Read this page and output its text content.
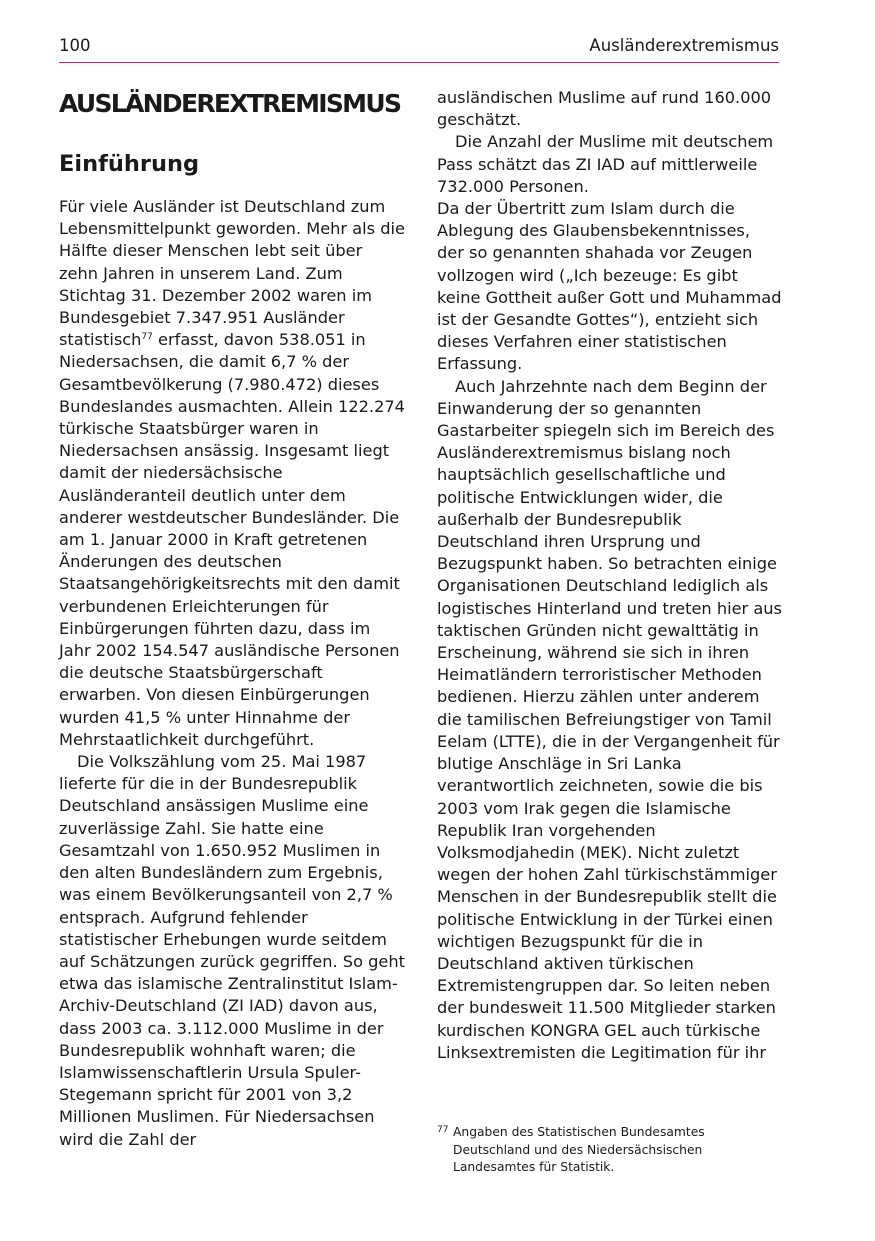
100	Ausländerextremismus
AUSLÄNDEREXTREMISMUS
Einführung

Für viele Ausländer ist Deutschland zum Lebensmittelpunkt geworden. Mehr als die Hälfte dieser Menschen lebt seit über zehn Jahren in unserem Land. Zum Stichtag 31. Dezember 2002 waren im Bundesgebiet 7.347.951 Ausländer statistisch$^{77}$ erfasst, davon 538.051 in Niedersachsen, die damit 6,7 % der Gesamtbevölkerung (7.980.472) dieses Bundeslandes ausmachten. Allein 122.274 türkische Staatsbürger waren in Niedersachsen ansässig. Insgesamt liegt damit der niedersächsische Ausländeranteil deutlich unter dem anderer westdeutscher Bundesländer. Die am 1. Januar 2000 in Kraft getretenen Änderungen des deutschen Staatsangehörigkeitsrechts mit den damit verbundenen Erleichterungen für Einbürgerungen führten dazu, dass im Jahr 2002 154.547 ausländische Personen die deutsche Staatsbürgerschaft erwarben. Von diesen Einbürgerungen wurden 41,5 % unter Hinnahme der Mehrstaatlichkeit durchgeführt.

Die Volkszählung vom 25. Mai 1987 lieferte für die in der Bundesrepublik Deutschland ansässigen Muslime eine zuverlässige Zahl. Sie hatte eine Gesamtzahl von 1.650.952 Muslimen in den alten Bundesländern zum Ergebnis, was einem Bevölkerungsanteil von 2,7 % entsprach. Aufgrund fehlender statistischer Erhebungen wurde seitdem auf Schätzungen zurück gegriffen. So geht etwa das islamische Zentralinstitut Islam-Archiv-Deutschland (ZI IAD) davon aus, dass 2003 ca. 3.112.000 Muslime in der Bundesrepublik wohnhaft waren; die Islamwissenschaftlerin Ursula Spuler-Stegemann spricht für 2001 von 3,2 Millionen Muslimen. Für Niedersachsen wird die Zahl der

ausländischen Muslime auf rund 160.000 geschätzt.

Die Anzahl der Muslime mit deutschem Pass schätzt das ZI IAD auf mittlerweile 732.000 Personen.

Da der Übertritt zum Islam durch die Ablegung des Glaubensbekenntnisses, der so genannten shahada vor Zeugen vollzogen wird („Ich bezeuge: Es gibt keine Gottheit außer Gott und Muhammad ist der Gesandte Gottes“), entzieht sich dieses Verfahren einer statistischen Erfassung.

Auch Jahrzehnte nach dem Beginn der Einwanderung der so genannten Gastarbeiter spiegeln sich im Bereich des Ausländerextremismus bislang noch hauptsächlich gesellschaftliche und politische Entwicklungen wider, die außerhalb der Bundesrepublik Deutschland ihren Ursprung und Bezugspunkt haben. So betrachten einige Organisationen Deutschland lediglich als logistisches Hinterland und treten hier aus taktischen Gründen nicht gewalttätig in Erscheinung, während sie sich in ihren Heimatländern terroristischer Methoden bedienen. Hierzu zählen unter anderem die tamilischen Befreiungstiger von Tamil Eelam (LTTE), die in der Vergangenheit für blutige Anschläge in Sri Lanka verantwortlich zeichneten, sowie die bis 2003 vom Irak gegen die Islamische Republik Iran vorgehenden Volksmodjahedin (MEK). Nicht zuletzt wegen der hohen Zahl türkischstämmiger Menschen in der Bundesrepublik stellt die politische Entwicklung in der Türkei einen wichtigen Bezugspunkt für die in Deutschland aktiven türkischen Extremistengruppen dar. So leiten neben der bundesweit 11.500 Mitglieder starken kurdischen KONGRA GEL auch türkische Linksextremisten die Legitimation für ihr

77 Angaben des Statistischen Bundesamtes Deutschland und des Niedersächsischen Landesamtes für Statistik.
